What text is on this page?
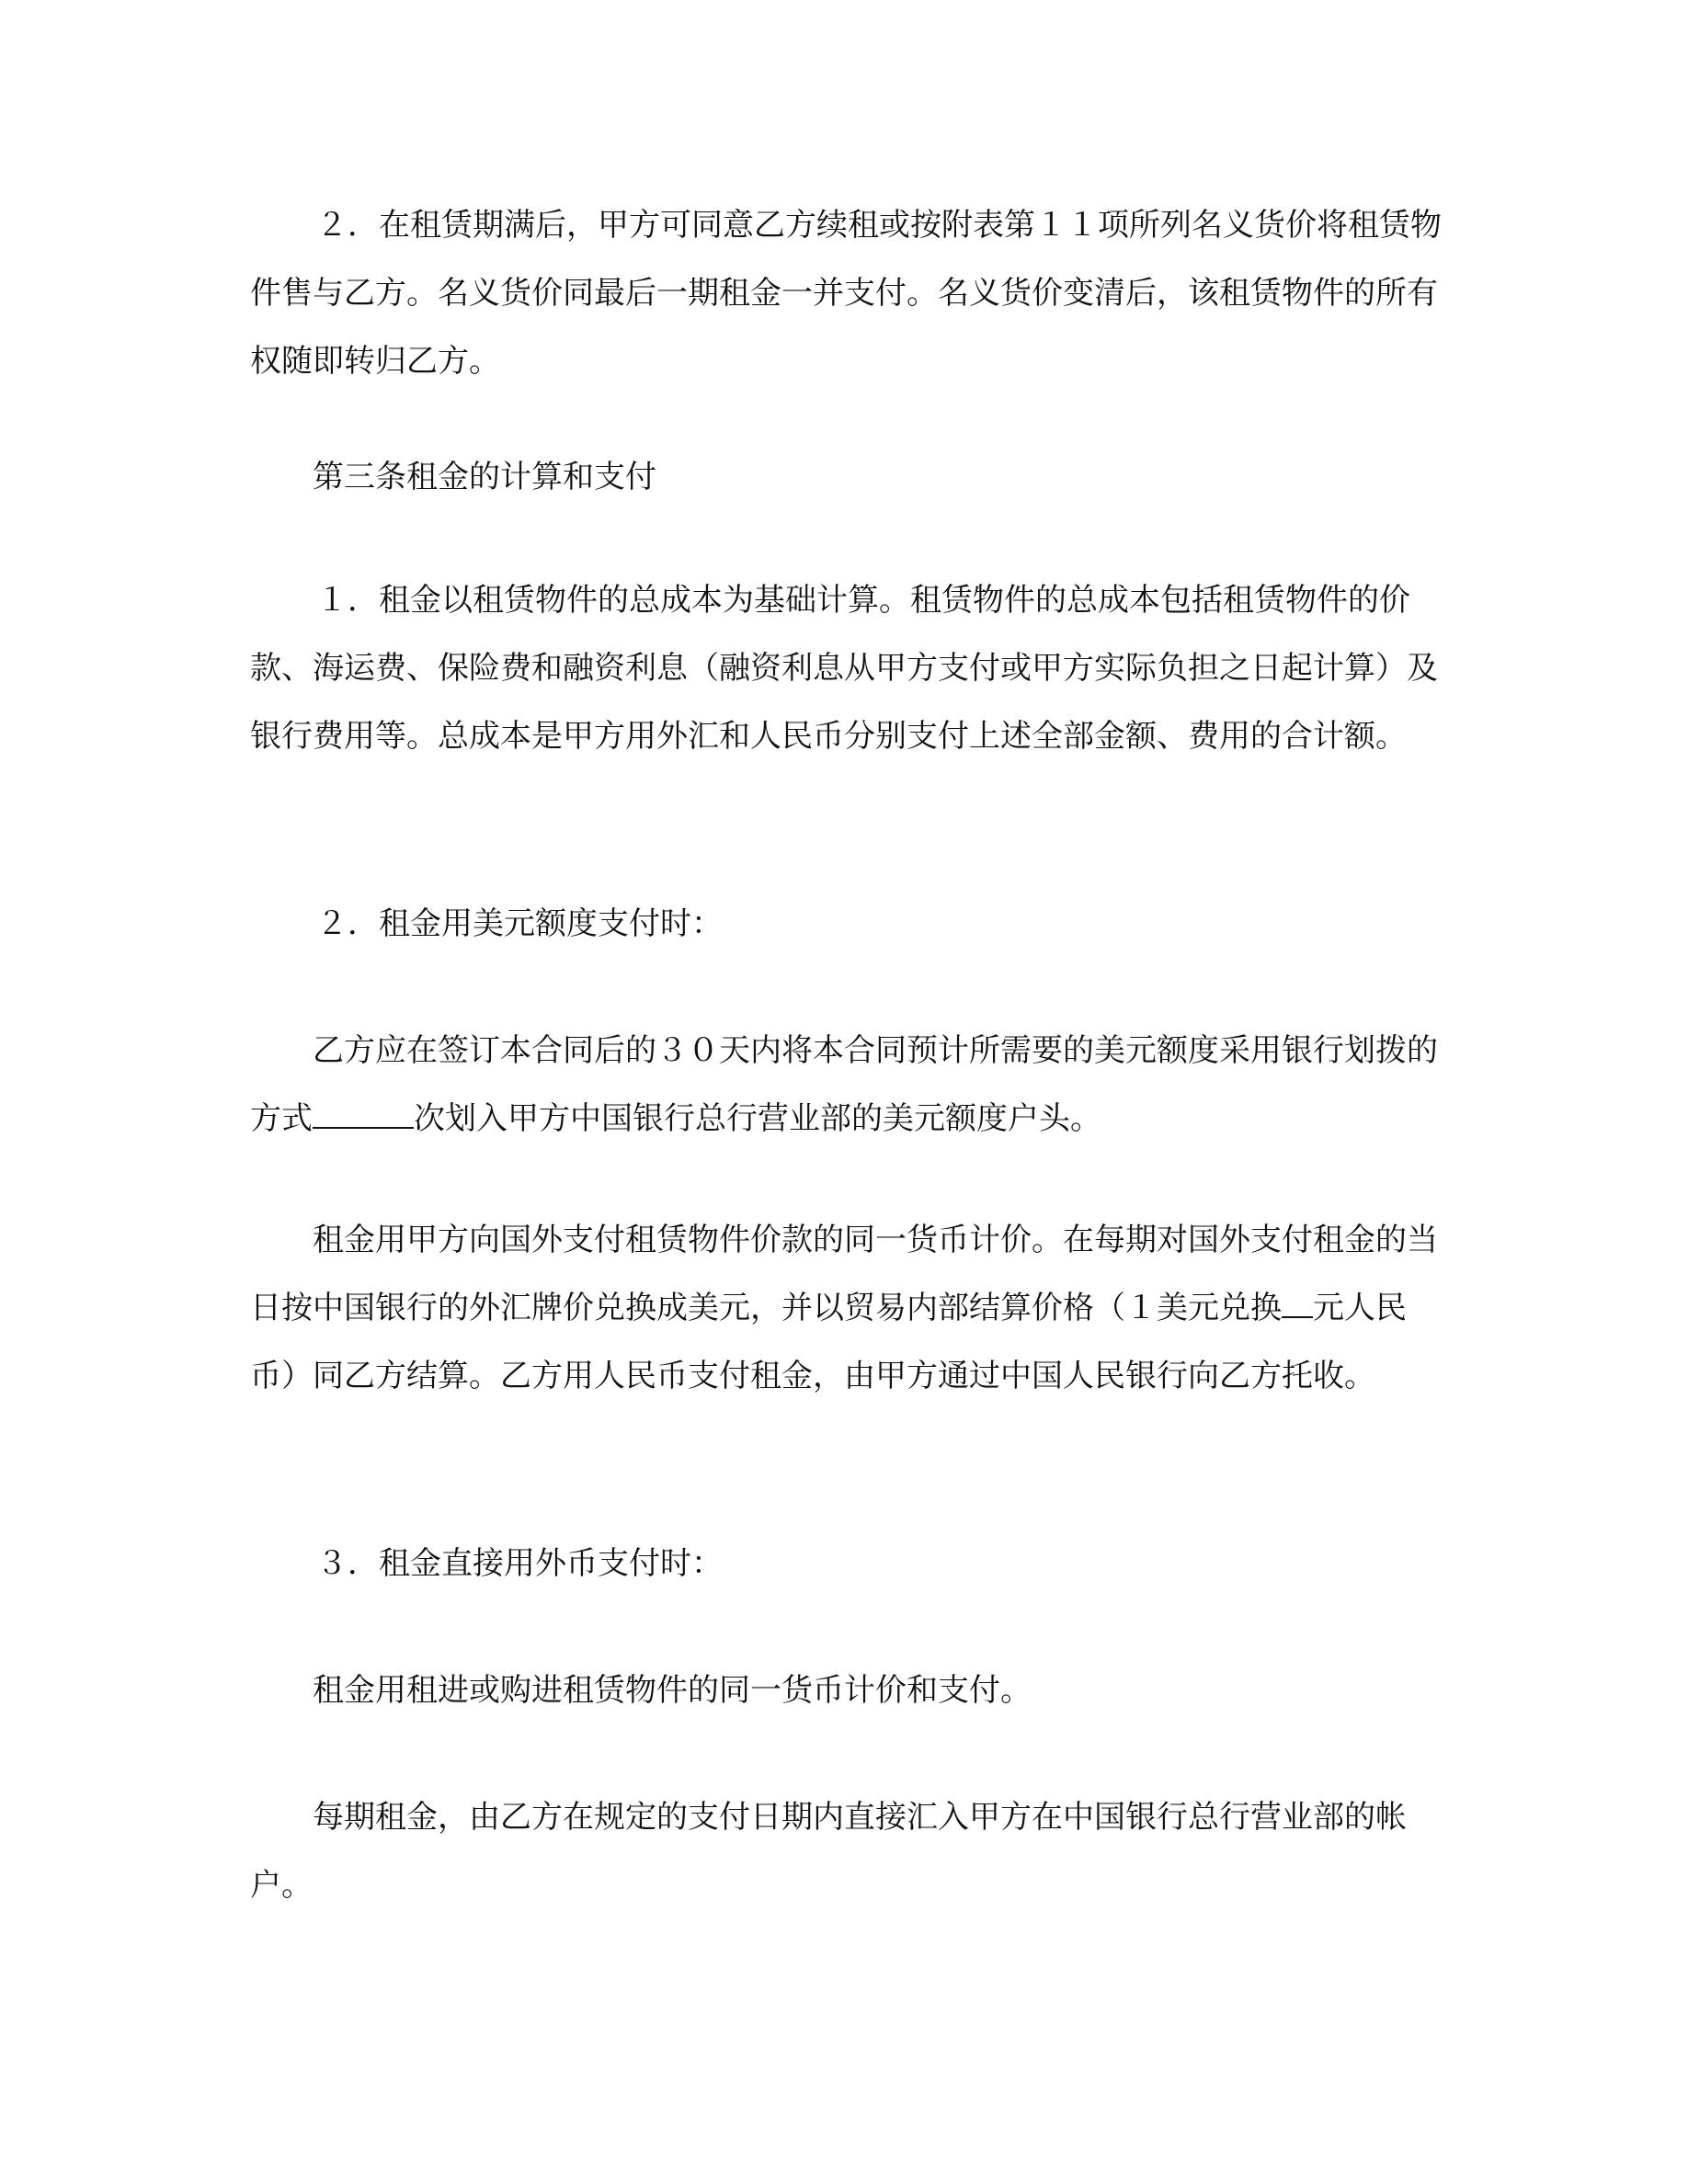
２．在租赁期满后，甲方可同意乙方续租或按附表第１１项所列名义货价将租赁物件售与乙方。名义货价同最后一期租金一并支付。名义货价变清后，该租赁物件的所有权随即转归乙方。

第三条租金的计算和支付

１．租金以租赁物件的总成本为基础计算。租赁物件的总成本包括租赁物件的价款、海运费、保险费和融资利息（融资利息从甲方支付或甲方实际负担之日起计算）及银行费用等。总成本是甲方用外汇和人民币分别支付上述全部金额、费用的合计额。

２．租金用美元额度支付时：

乙方应在签订本合同后的３０天内将本合同预计所需要的美元额度采用银行划拨的方式	次划入甲方中国银行总行营业部的美元额度户头。

租金用甲方向国外支付租赁物件价款的同一货币计价。在每期对国外支付租金的当日按中国银行的外汇牌价兑换成美元，并以贸易内部结算价格（１美元兑换 元人民币）同乙方结算。乙方用人民币支付租金，由甲方通过中国人民银行向乙方托收。

３．租金直接用外币支付时：

租金用租进或购进租赁物件的同一货币计价和支付。

每期租金，由乙方在规定的支付日期内直接汇入甲方在中国银行总行营业部的帐户。
